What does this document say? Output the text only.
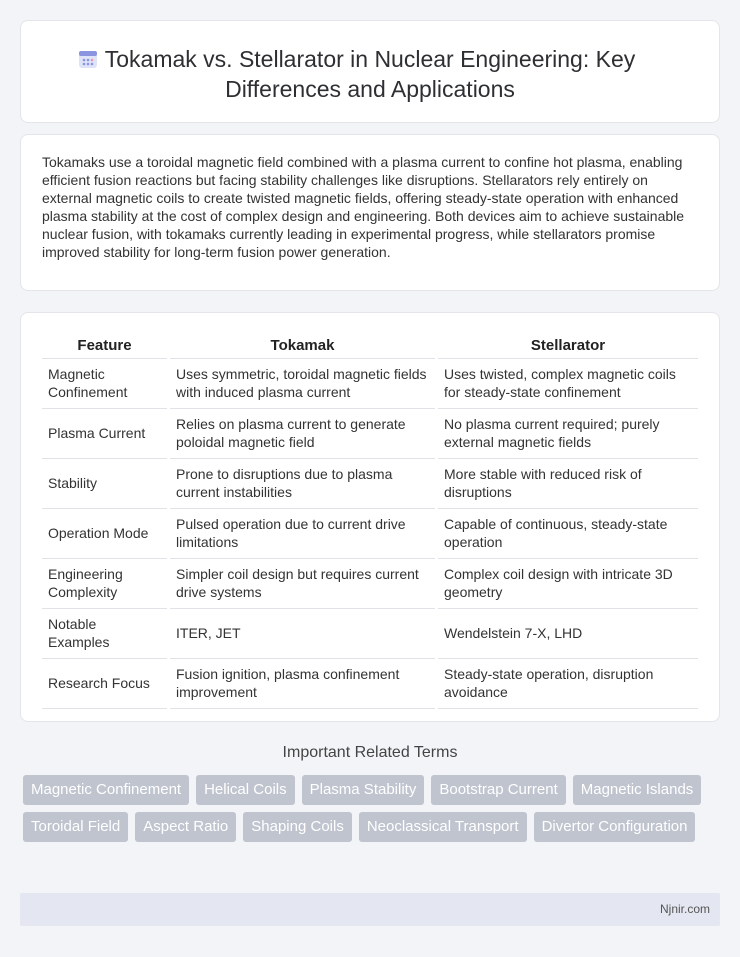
Tokamak vs. Stellarator in Nuclear Engineering: Key Differences and Applications

Tokamaks use a toroidal magnetic field combined with a plasma current to confine hot plasma, enabling efficient fusion reactions but facing stability challenges like disruptions. Stellarators rely entirely on external magnetic coils to create twisted magnetic fields, offering steady-state operation with enhanced plasma stability at the cost of complex design and engineering. Both devices aim to achieve sustainable nuclear fusion, with tokamaks currently leading in experimental progress, while stellarators promise improved stability for long-term fusion power generation.

Feature		Tokamak		Stellarator
Magnetic Confinement		Uses symmetric, toroidal magnetic fields with induced plasma current		Uses twisted, complex magnetic coils for steady-state confinement
Plasma Current		Relies on plasma current to generate poloidal magnetic field		No plasma current required; purely external magnetic fields
Stability		Prone to disruptions due to plasma current instabilities		More stable with reduced risk of disruptions
Operation Mode		Pulsed operation due to current drive limitations		Capable of continuous, steady-state operation
Engineering Complexity		Simpler coil design but requires current drive systems		Complex coil design with intricate 3D geometry
Notable Examples		ITER, JET		Wendelstein 7-X, LHD
Research Focus		Fusion ignition, plasma confinement improvement		Steady-state operation, disruption avoidance
Important Related Terms
Magnetic Confinement	Helical Coils	Plasma Stability	Bootstrap Current	Magnetic Islands
Toroidal Field	Aspect Ratio	Shaping Coils	Neoclassical Transport	Divertor Configuration
Njnir.com
